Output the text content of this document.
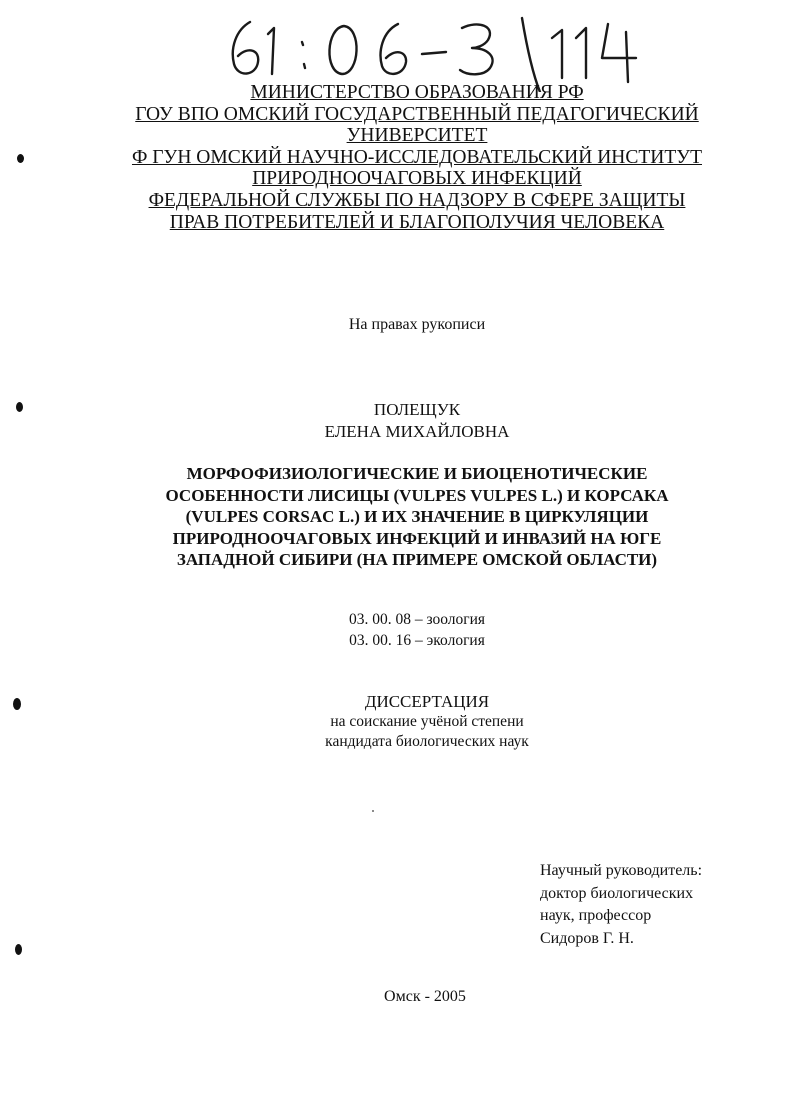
МИНИСТЕРСТВО ОБРАЗОВАНИЯ РФ
ГОУ ВПО ОМСКИЙ ГОСУДАРСТВЕННЫЙ ПЕДАГОГИЧЕСКИЙ
УНИВЕРСИТЕТ
Ф ГУН ОМСКИЙ НАУЧНО-ИССЛЕДОВАТЕЛЬСКИЙ ИНСТИТУТ
ПРИРОДНООЧАГОВЫХ ИНФЕКЦИЙ
ФЕДЕРАЛЬНОЙ СЛУЖБЫ ПО НАДЗОРУ В СФЕРЕ ЗАЩИТЫ
ПРАВ ПОТРЕБИТЕЛЕЙ И БЛАГОПОЛУЧИЯ ЧЕЛОВЕКА
На правах рукописи
ПОЛЕЩУК
ЕЛЕНА МИХАЙЛОВНА
МОРФОФИЗИОЛОГИЧЕСКИЕ И БИОЦЕНОТИЧЕСКИЕ
ОСОБЕННОСТИ ЛИСИЦЫ (VULPES VULPES L.) И КОРСАКА
(VULPES CORSAC L.) И ИХ ЗНАЧЕНИЕ В ЦИРКУЛЯЦИИ
ПРИРОДНООЧАГОВЫХ ИНФЕКЦИЙ И ИНВАЗИЙ НА ЮГЕ
ЗАПАДНОЙ СИБИРИ (НА ПРИМЕРЕ ОМСКОЙ ОБЛАСТИ)
03. 00. 08 – зоология
03. 00. 16 – экология
ДИССЕРТАЦИЯ
на соискание учёной степени
кандидата биологических наук
Научный руководитель:
доктор биологических
наук, профессор
Сидоров Г. Н.
Омск - 2005
